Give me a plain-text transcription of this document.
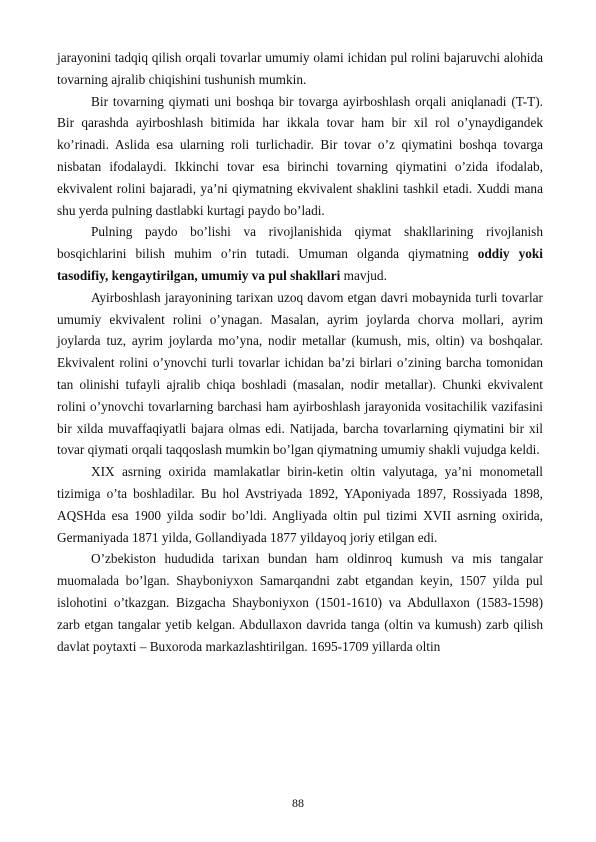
jarayonini tadqiq qilish orqali tovarlar umumiy olami ichidan pul rolini bajaruvchi alohida tovarning ajralib chiqishini tushunish mumkin.

Bir tovarning qiymati uni boshqa bir tovarga ayirboshlash orqali aniqlanadi (T-T). Bir qarashda ayirboshlash bitimida har ikkala tovar ham bir xil rol o’ynaydigandek ko’rinadi. Aslida esa ularning roli turlichadir. Bir tovar o’z qiymatini boshqa tovarga nisbatan ifodalaydi. Ikkinchi tovar esa birinchi tovarning qiymatini o’zida ifodalab, ekvivalent rolini bajaradi, ya’ni qiymatning ekvivalent shaklini tashkil etadi. Xuddi mana shu yerda pulning dastlabki kurtagi paydo bo’ladi.

Pulning paydo bo’lishi va rivojlanishida qiymat shakllarining rivojlanish bosqichlarini bilish muhim o’rin tutadi. Umuman olganda qiymatning oddiy yoki tasodifiy, kengaytirilgan, umumiy va pul shakllari mavjud.

Ayirboshlash jarayonining tarixan uzoq davom etgan davri mobaynida turli tovarlar umumiy ekvivalent rolini o’ynagan. Masalan, ayrim joylarda chorva mollari, ayrim joylarda tuz, ayrim joylarda mo’yna, nodir metallar (kumush, mis, oltin) va boshqalar. Ekvivalent rolini o’ynovchi turli tovarlar ichidan ba’zi birlari o’zining barcha tomonidan tan olinishi tufayli ajralib chiqa boshladi (masalan, nodir metallar). Chunki ekvivalent rolini o’ynovchi tovarlarning barchasi ham ayirboshlash jarayonida vositachilik vazifasini bir xilda muvaffaqiyatli bajara olmas edi. Natijada, barcha tovarlarning qiymatini bir xil tovar qiymati orqali taqqoslash mumkin bo’lgan qiymatning umumiy shakli vujudga keldi.

XIX asrning oxirida mamlakatlar birin-ketin oltin valyutaga, ya’ni monometall tizimiga o’ta boshladilar. Bu hol Avstriyada 1892, YAponiyada 1897, Rossiyada 1898, AQSHda esa 1900 yilda sodir bo’ldi. Angliyada oltin pul tizimi XVII asrning oxirida, Germaniyada 1871 yilda, Gollandiyada 1877 yildayoq joriy etilgan edi.

O’zbekiston hududida tarixan bundan ham oldinroq kumush va mis tangalar muomalada bo’lgan. Shayboniyxon Samarqandni zabt etgandan keyin, 1507 yilda pul islohotini o’tkazgan. Bizgacha Shayboniyxon (1501-1610) va Abdullaxon (1583-1598) zarb etgan tangalar yetib kelgan. Abdullaxon davrida tanga (oltin va kumush) zarb qilish davlat poytaxti – Buxoroda markazlashtirilgan. 1695-1709 yillarda oltin

88
